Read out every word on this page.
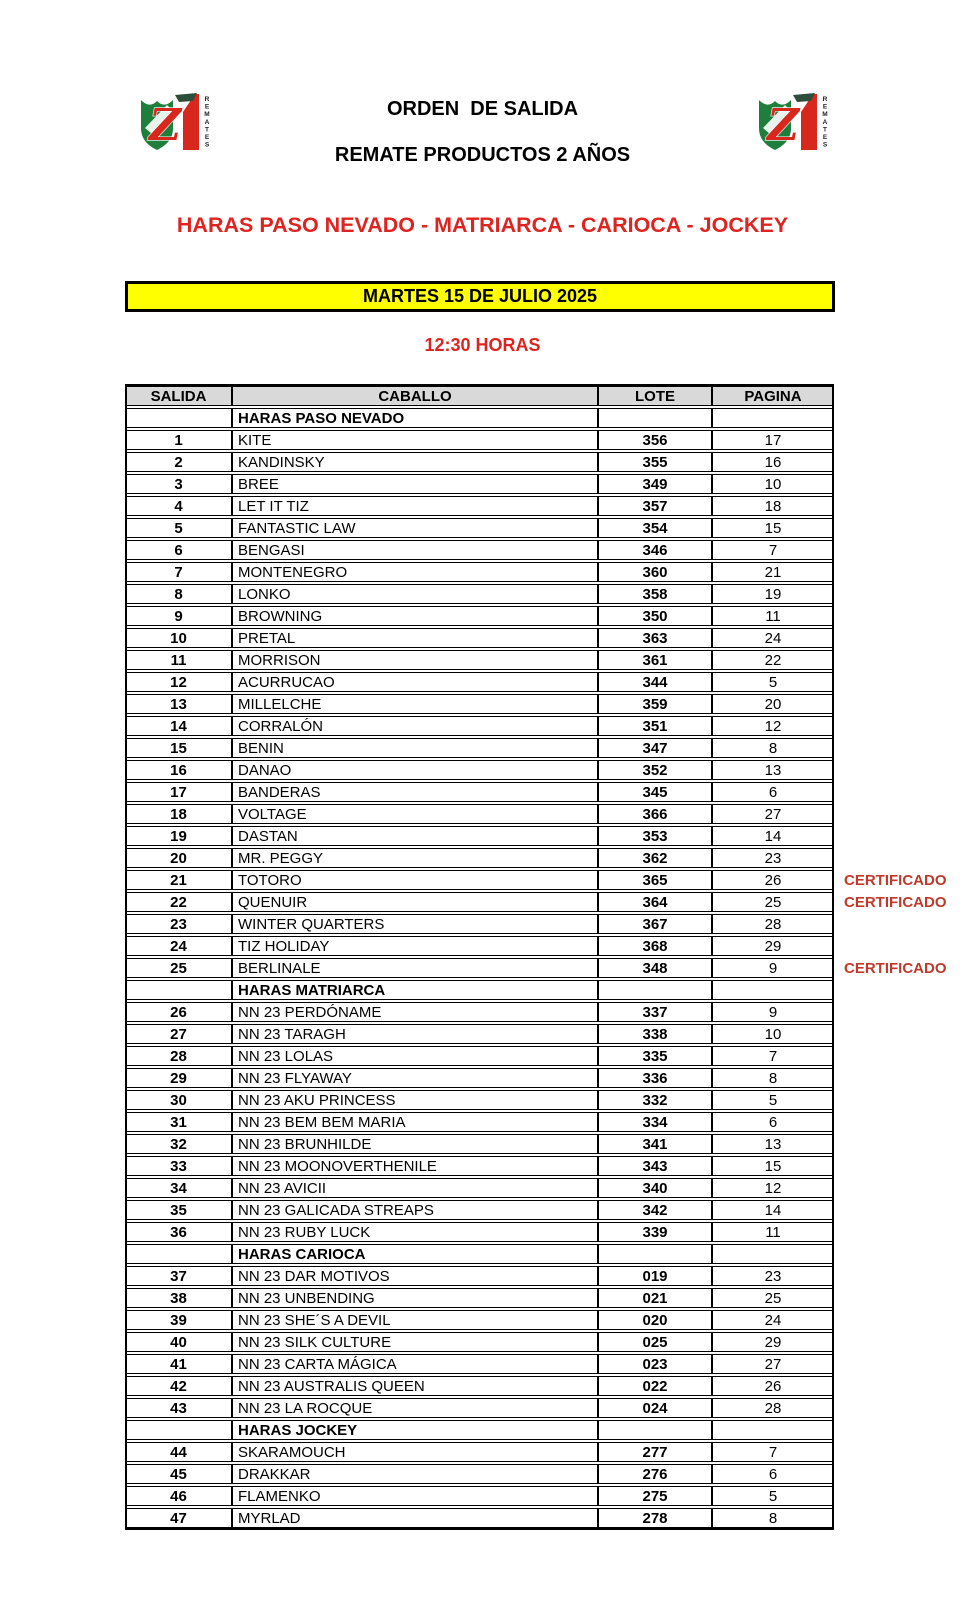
Z
R E M A T E S	Z
R E M A T E S
ORDEN  DE SALIDA
REMATE PRODUCTOS 2 AÑOS
HARAS PASO NEVADO - MATRIARCA - CARIOCA - JOCKEY
MARTES 15 DE JULIO 2025
12:30 HORAS
SALIDA	CABALLO	LOTE	PAGINA	
	HARAS PASO NEVADO			
1	KITE	356	17	
2	KANDINSKY	355	16	
3	BREE	349	10	
4	LET IT TIZ	357	18	
5	FANTASTIC LAW	354	15	
6	BENGASI	346	7	
7	MONTENEGRO	360	21	
8	LONKO	358	19	
9	BROWNING	350	11	
10	PRETAL	363	24	
11	MORRISON	361	22	
12	ACURRUCAO	344	5	
13	MILLELCHE	359	20	
14	CORRALÓN	351	12	
15	BENIN	347	8	
16	DANAO	352	13	
17	BANDERAS	345	6	
18	VOLTAGE	366	27	
19	DASTAN	353	14	
20	MR. PEGGY	362	23	
21	TOTORO	365	26	CERTIFICADO
22	QUENUIR	364	25	CERTIFICADO
23	WINTER QUARTERS	367	28	
24	TIZ HOLIDAY	368	29	
25	BERLINALE	348	9	CERTIFICADO
	HARAS MATRIARCA			
26	NN 23 PERDÓNAME	337	9	
27	NN 23 TARAGH	338	10	
28	NN 23 LOLAS	335	7	
29	NN 23 FLYAWAY	336	8	
30	NN 23 AKU PRINCESS	332	5	
31	NN 23 BEM BEM MARIA	334	6	
32	NN 23 BRUNHILDE	341	13	
33	NN 23 MOONOVERTHENILE	343	15	
34	NN 23 AVICII	340	12	
35	NN 23 GALICADA STREAPS	342	14	
36	NN 23 RUBY LUCK	339	11	
	HARAS CARIOCA			
37	NN 23 DAR MOTIVOS	019	23	
38	NN 23 UNBENDING	021	25	
39	NN 23 SHE´S A DEVIL	020	24	
40	NN 23 SILK CULTURE	025	29	
41	NN 23 CARTA MÁGICA	023	27	
42	NN 23 AUSTRALIS QUEEN	022	26	
43	NN 23 LA ROCQUE	024	28	
	HARAS JOCKEY			
44	SKARAMOUCH	277	7	
45	DRAKKAR	276	6	
46	FLAMENKO	275	5	
47	MYRLAD	278	8	
